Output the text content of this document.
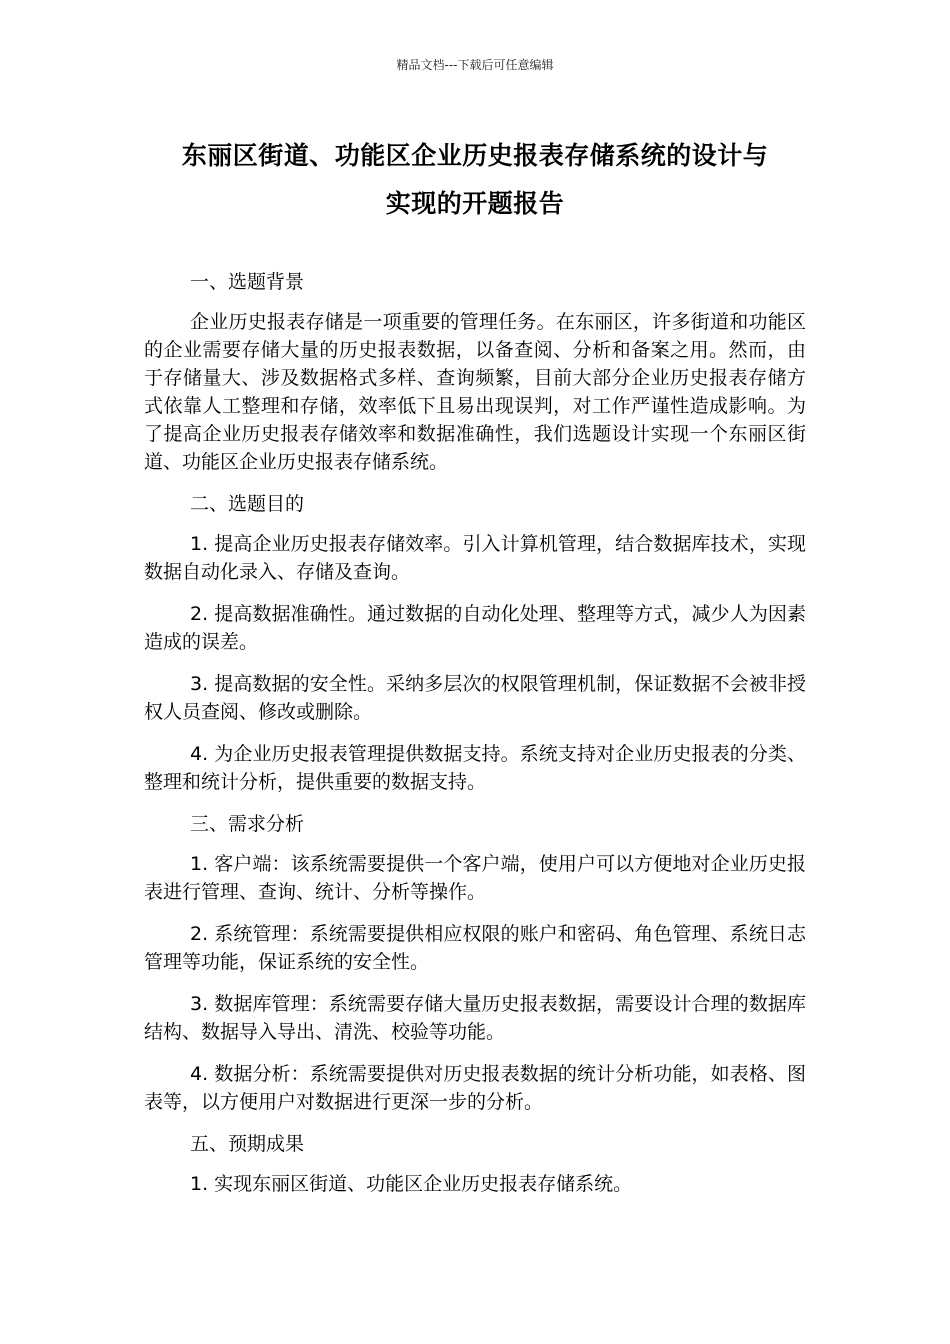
精品文档---下载后可任意编辑
东丽区街道、功能区企业历史报表存储系统的设计与
实现的开题报告
一、选题背景
企业历史报表存储是一项重要的管理任务。在东丽区，许多街道和功能区的企业需要存储大量的历史报表数据，以备查阅、分析和备案之用。然而，由于存储量大、涉及数据格式多样、查询频繁，目前大部分企业历史报表存储方式依靠人工整理和存储，效率低下且易出现误判，对工作严谨性造成影响。为了提高企业历史报表存储效率和数据准确性，我们选题设计实现一个东丽区街道、功能区企业历史报表存储系统。
二、选题目的
1. 提高企业历史报表存储效率。引入计算机管理，结合数据库技术，实现数据自动化录入、存储及查询。
2. 提高数据准确性。通过数据的自动化处理、整理等方式，减少人为因素造成的误差。
3. 提高数据的安全性。采纳多层次的权限管理机制，保证数据不会被非授权人员查阅、修改或删除。
4. 为企业历史报表管理提供数据支持。系统支持对企业历史报表的分类、整理和统计分析，提供重要的数据支持。
三、需求分析
1. 客户端：该系统需要提供一个客户端，使用户可以方便地对企业历史报表进行管理、查询、统计、分析等操作。
2. 系统管理：系统需要提供相应权限的账户和密码、角色管理、系统日志管理等功能，保证系统的安全性。
3. 数据库管理：系统需要存储大量历史报表数据，需要设计合理的数据库结构、数据导入导出、清洗、校验等功能。
4. 数据分析：系统需要提供对历史报表数据的统计分析功能，如表格、图表等，以方便用户对数据进行更深一步的分析。
五、预期成果
1. 实现东丽区街道、功能区企业历史报表存储系统。
